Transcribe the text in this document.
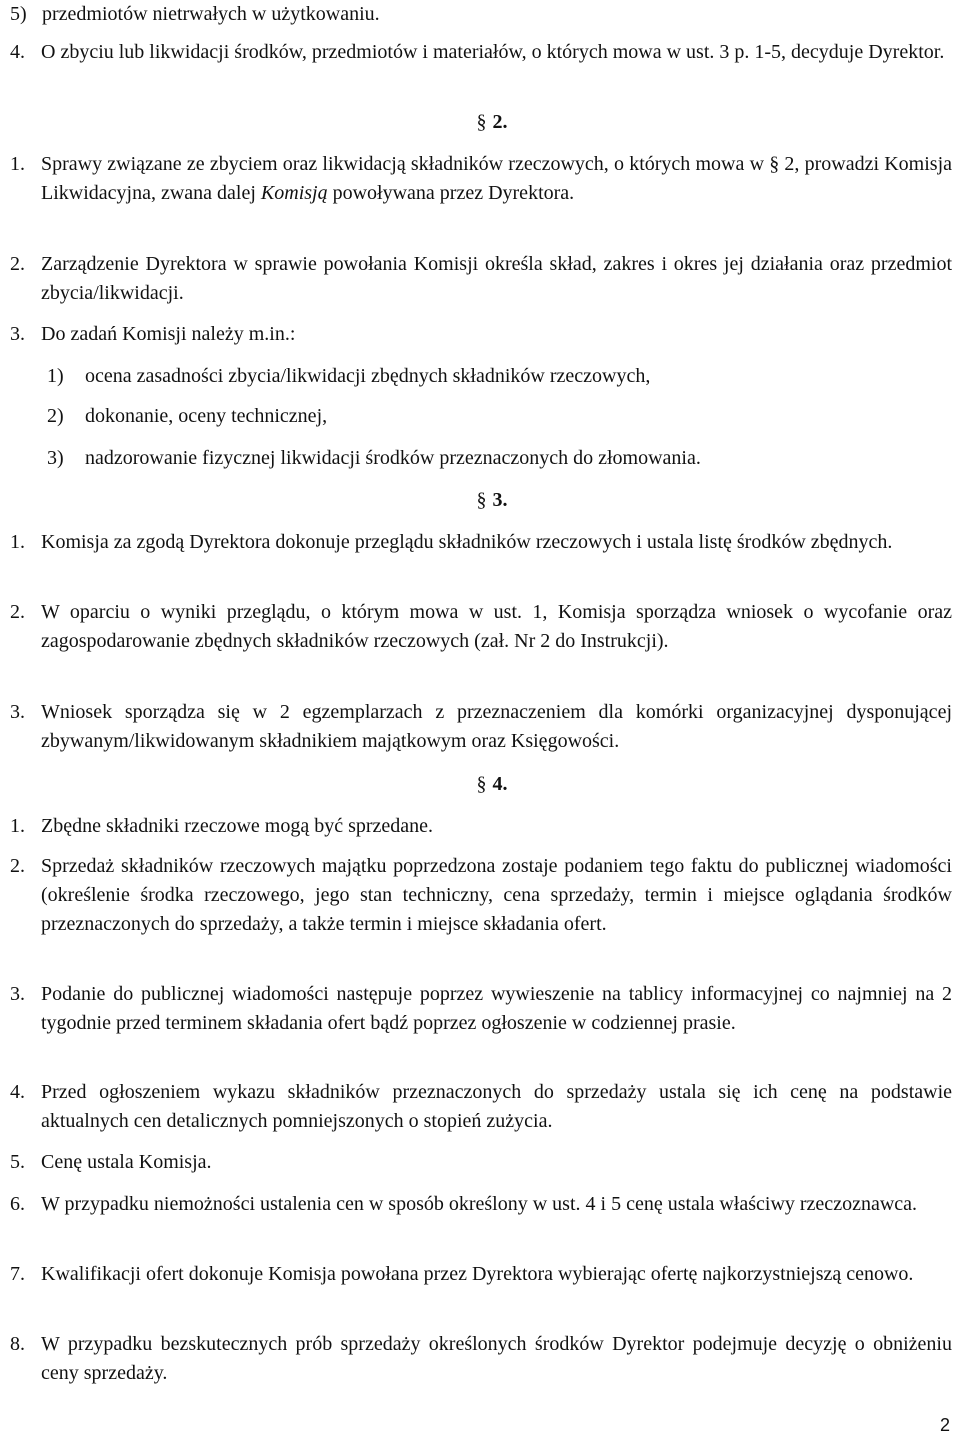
5) przedmiotów nietrwałych w użytkowaniu.
4. O zbyciu lub likwidacji środków, przedmiotów i materiałów, o których mowa w ust. 3 p. 1-5, decyduje Dyrektor.
§ 2.
1. Sprawy związane ze zbyciem oraz likwidacją składników rzeczowych, o których mowa w § 2, prowadzi Komisja Likwidacyjna, zwana dalej Komisją powoływana przez Dyrektora.
2. Zarządzenie Dyrektora w sprawie powołania Komisji określa skład, zakres i okres jej działania oraz przedmiot zbycia/likwidacji.
3. Do zadań Komisji należy m.in.:
1)	ocena zasadności zbycia/likwidacji zbędnych składników rzeczowych,
2)	dokonanie, oceny technicznej,
3)	nadzorowanie fizycznej likwidacji środków przeznaczonych do złomowania.
§ 3.
1. Komisja za zgodą Dyrektora dokonuje przeglądu składników rzeczowych i ustala listę środków zbędnych.
2. W oparciu o wyniki przeglądu, o którym mowa w ust. 1, Komisja sporządza wniosek o wycofanie oraz zagospodarowanie zbędnych składników rzeczowych (zał. Nr 2 do Instrukcji).
3. Wniosek sporządza się w 2 egzemplarzach z przeznaczeniem dla komórki organizacyjnej dysponującej zbywanym/likwidowanym składnikiem majątkowym oraz Księgowości.
§ 4.
1. Zbędne składniki rzeczowe mogą być sprzedane.
2. Sprzedaż składników rzeczowych majątku poprzedzona zostaje podaniem tego faktu do publicznej wiadomości (określenie środka rzeczowego, jego stan techniczny, cena sprzedaży, termin i miejsce oglądania środków przeznaczonych do sprzedaży, a także termin i miejsce składania ofert.
3. Podanie do publicznej wiadomości następuje poprzez wywieszenie na tablicy informacyjnej co najmniej na 2 tygodnie przed terminem składania ofert bądź poprzez ogłoszenie w codziennej prasie.
4. Przed ogłoszeniem wykazu składników przeznaczonych do sprzedaży ustala się ich cenę na podstawie aktualnych cen detalicznych pomniejszonych o stopień zużycia.
5. Cenę ustala Komisja.
6. W przypadku niemożności ustalenia cen w sposób określony w ust. 4 i 5 cenę ustala właściwy rzeczoznawca.
7. Kwalifikacji ofert dokonuje Komisja powołana przez Dyrektora wybierając ofertę najkorzystniejszą cenowo.
8. W przypadku bezskutecznych prób sprzedaży określonych środków Dyrektor podejmuje decyzję o obniżeniu ceny sprzedaży.
2
